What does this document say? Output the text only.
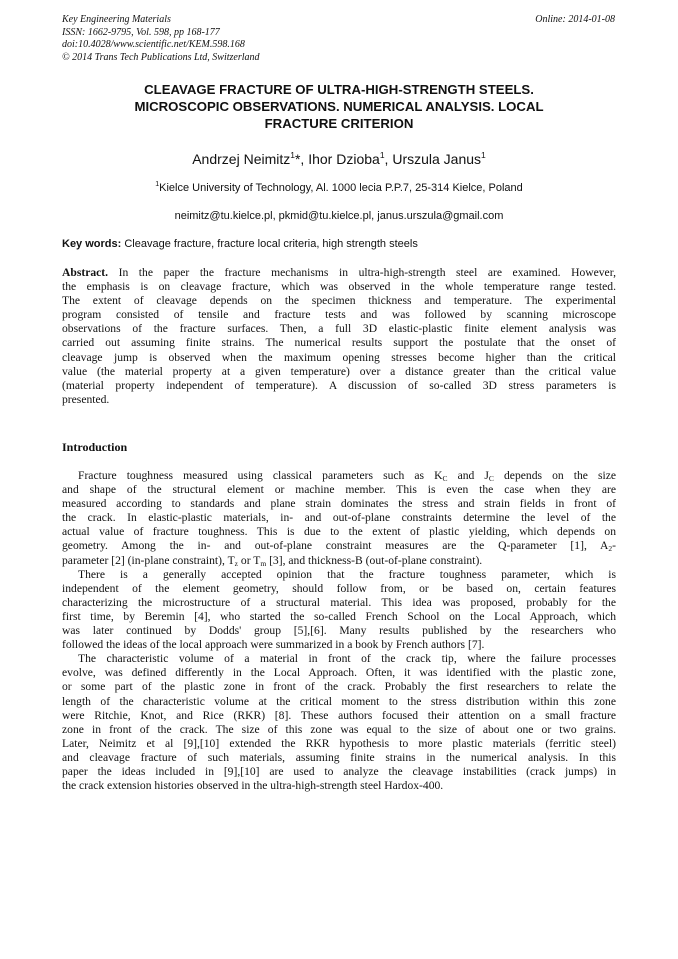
Key Engineering Materials
ISSN: 1662-9795, Vol. 598, pp 168-177
doi:10.4028/www.scientific.net/KEM.598.168
© 2014 Trans Tech Publications Ltd, Switzerland
Online: 2014-01-08
CLEAVAGE FRACTURE OF ULTRA-HIGH-STRENGTH STEELS.
MICROSCOPIC OBSERVATIONS. NUMERICAL ANALYSIS. LOCAL
FRACTURE CRITERION
Andrzej Neimitz$^1$*, Ihor Dzioba$^1$, Urszula Janus$^1$
$^1$Kielce University of Technology, Al. 1000 lecia P.P.7, 25-314 Kielce, Poland
neimitz@tu.kielce.pl, pkmid@tu.kielce.pl, janus.urszula@gmail.com
Key words: Cleavage fracture, fracture local criteria, high strength steels
Abstract. In the paper the fracture mechanisms in ultra-high-strength steel are examined. However,
the emphasis is on cleavage fracture, which was observed in the whole temperature range tested.
The extent of cleavage depends on the specimen thickness and temperature. The experimental
program consisted of tensile and fracture tests and was followed by scanning microscope
observations of the fracture surfaces. Then, a full 3D elastic-plastic finite element analysis was
carried out assuming finite strains. The numerical results support the postulate that the onset of
cleavage jump is observed when the maximum opening stresses become higher than the critical
value (the material property at a given temperature) over a distance greater than the critical value
(material property independent of temperature). A discussion of so-called 3D stress parameters is
presented.
Introduction
Fracture toughness measured using classical parameters such as $K_C$ and $J_C$ depends on the size
and shape of the structural element or machine member. This is even the case when they are
measured according to standards and plane strain dominates the stress and strain fields in front of
the crack. In elastic-plastic materials, in- and out-of-plane constraints determine the level of the
actual value of fracture toughness. This is due to the extent of plastic yielding, which depends on
geometry. Among the in- and out-of-plane constraint measures are the Q-parameter [1], $A_2-$
parameter [2] (in-plane constraint), $T_z$ or $T_m$ [3], and thickness-B (out-of-plane constraint).
There is a generally accepted opinion that the fracture toughness parameter, which is
independent of the element geometry, should follow from, or be based on, certain features
characterizing the microstructure of a structural material. This idea was proposed, probably for the
first time, by Beremin [4], who started the so-called French School on the Local Approach, which
was later continued by Dodds' group [5],[6]. Many results published by the researchers who
followed the ideas of the local approach were summarized in a book by French authors [7].
The characteristic volume of a material in front of the crack tip, where the failure processes
evolve, was defined differently in the Local Approach. Often, it was identified with the plastic zone,
or some part of the plastic zone in front of the crack. Probably the first researchers to relate the
length of the characteristic volume at the critical moment to the stress distribution within this zone
were Ritchie, Knot, and Rice (RKR) [8]. These authors focused their attention on a small fracture
zone in front of the crack. The size of this zone was equal to the size of about one or two grains.
Later, Neimitz et al [9],[10] extended the RKR hypothesis to more plastic materials (ferritic steel)
and cleavage fracture of such materials, assuming finite strains in the numerical analysis. In this
paper the ideas included in [9],[10] are used to analyze the cleavage instabilities (crack jumps) in
the crack extension histories observed in the ultra-high-strength steel Hardox-400.
